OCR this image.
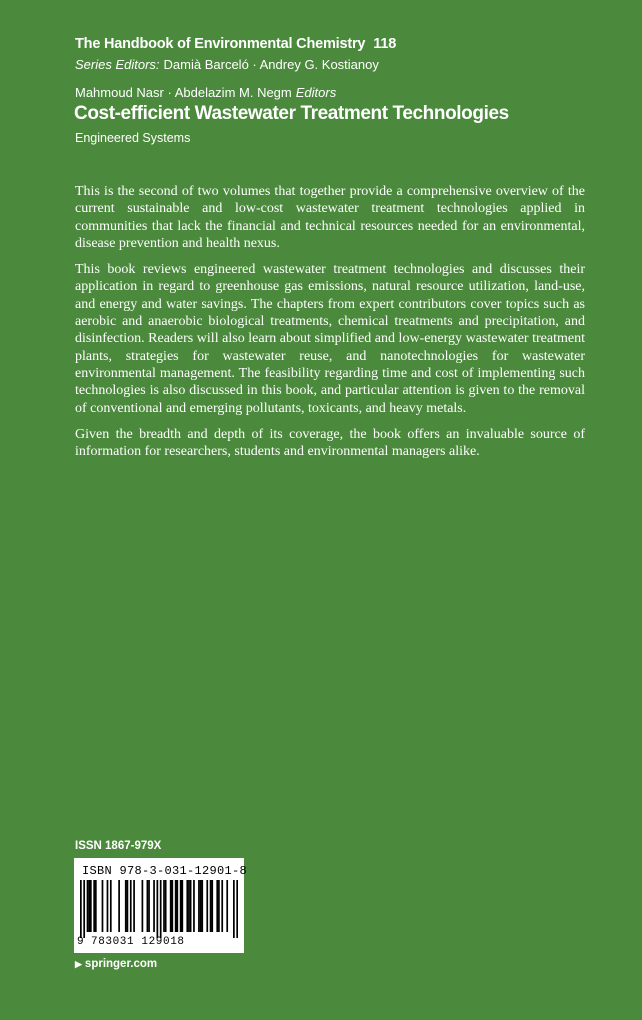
The Handbook of Environmental Chemistry 118
Series Editors: Damià Barceló · Andrey G. Kostianoy
Mahmoud Nasr · Abdelazim M. Negm Editors
Cost-efficient Wastewater Treatment Technologies
Engineered Systems

This is the second of two volumes that together provide a comprehensive overview of the current sustainable and low-cost wastewater treatment technologies applied in communities that lack the financial and technical resources needed for an environmental, disease prevention and health nexus.

This book reviews engineered wastewater treatment technologies and discusses their application in regard to greenhouse gas emissions, natural resource utilization, land-use, and energy and water savings. The chapters from expert contributors cover topics such as aerobic and anaerobic biological treatments, chemical treatments and precipitation, and disinfection. Readers will also learn about simplified and low-energy wastewater treatment plants, strategies for wastewater reuse, and nanotechnologies for wastewater environmental management. The feasibility regarding time and cost of implementing such technologies is also discussed in this book, and particular attention is given to the removal of conventional and emerging pollutants, toxicants, and heavy metals.

Given the breadth and depth of its coverage, the book offers an invaluable source of information for researchers, students and environmental managers alike.

ISSN 1867-979X
ISBN 978-3-031-12901-8
9 783031 129018
▶ springer.com
